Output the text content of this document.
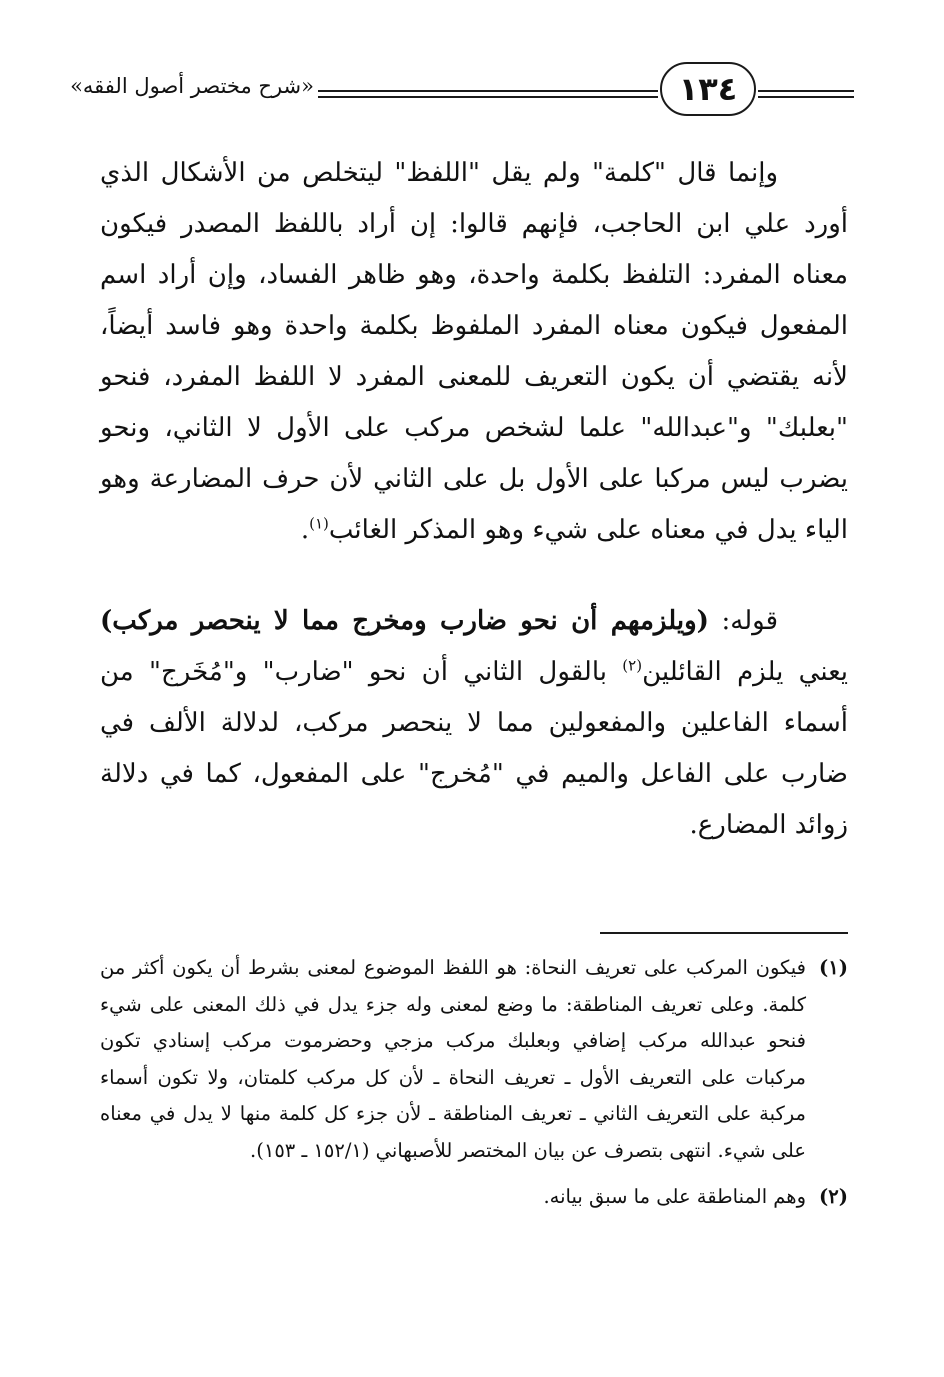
«شرح مختصر أصول الفقه»	١٣٤

وإنما قال "كلمة" ولم يقل "اللفظ" ليتخلص من الأشكال الذي أورد علي ابن الحاجب، فإنهم قالوا: إن أراد باللفظ المصدر فيكون معناه المفرد: التلفظ بكلمة واحدة، وهو ظاهر الفساد، وإن أراد اسم المفعول فيكون معناه المفرد الملفوظ بكلمة واحدة وهو فاسد أيضاً، لأنه يقتضي أن يكون التعريف للمعنى المفرد لا اللفظ المفرد، فنحو "بعلبك" و"عبدالله" علما لشخص مركب على الأول لا الثاني، ونحو يضرب ليس مركبا على الأول بل على الثاني لأن حرف المضارعة وهو الياء يدل في معناه على شيء وهو المذكر الغائب$^{(١)}$.

قوله: (ويلزمهم أن نحو ضارب ومخرج مما لا ينحصر مركب) يعني يلزم القائلين$^{(٢)}$ بالقول الثاني أن نحو "ضارب" و"مُخَرج" من أسماء الفاعلين والمفعولين مما لا ينحصر مركب، لدلالة الألف في ضارب على الفاعل والميم في "مُخرج" على المفعول، كما في دلالة زوائد المضارع.

(١)
فيكون المركب على تعريف النحاة: هو اللفظ الموضوع لمعنى بشرط أن يكون أكثر من كلمة. وعلى تعريف المناطقة: ما وضع لمعنى وله جزء يدل في ذلك المعنى على شيء فنحو عبدالله مركب إضافي وبعلبك مركب مزجي وحضرموت مركب إسنادي تكون مركبات على التعريف الأول ـ تعريف النحاة ـ لأن كل مركب كلمتان، ولا تكون أسماء مركبة على التعريف الثاني ـ تعريف المناطقة ـ لأن جزء كل كلمة منها لا يدل في معناه على شيء. انتهى بتصرف عن بيان المختصر للأصبهاني (١٥٢/١ ـ ١٥٣).

(٢)
وهم المناطقة على ما سبق بيانه.
